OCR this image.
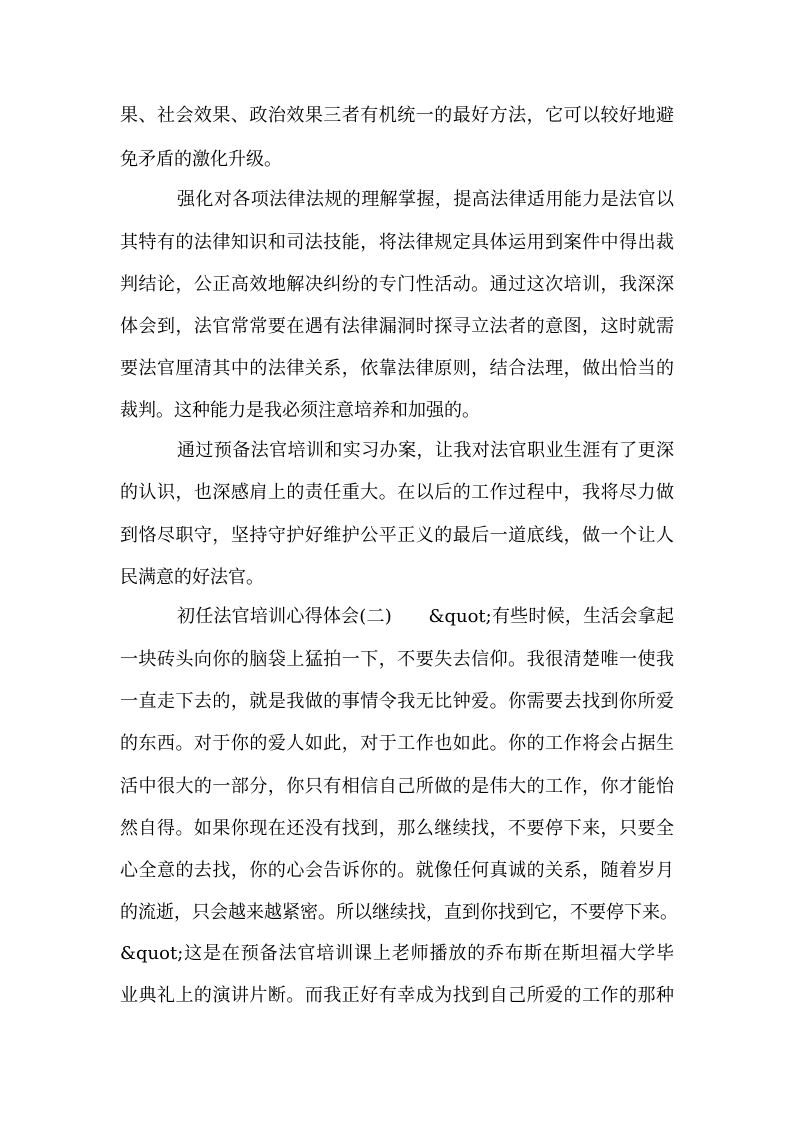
果、社会效果、政治效果三者有机统一的最好方法，它可以较好地避
免矛盾的激化升级。
强化对各项法律法规的理解掌握，提高法律适用能力是法官以
其特有的法律知识和司法技能，将法律规定具体运用到案件中得出裁
判结论，公正高效地解决纠纷的专门性活动。通过这次培训，我深深
体会到，法官常常要在遇有法律漏洞时探寻立法者的意图，这时就需
要法官厘清其中的法律关系，依靠法律原则，结合法理，做出恰当的
裁判。这种能力是我必须注意培养和加强的。
通过预备法官培训和实习办案，让我对法官职业生涯有了更深
的认识，也深感肩上的责任重大。在以后的工作过程中，我将尽力做
到恪尽职守，坚持守护好维护公平正义的最后一道底线，做一个让人
民满意的好法官。
初任法官培训心得体会(二)　　&quot;有些时候，生活会拿起
一块砖头向你的脑袋上猛拍一下，不要失去信仰。我很清楚唯一使我
一直走下去的，就是我做的事情令我无比钟爱。你需要去找到你所爱
的东西。对于你的爱人如此，对于工作也如此。你的工作将会占据生
活中很大的一部分，你只有相信自己所做的是伟大的工作，你才能怡
然自得。如果你现在还没有找到，那么继续找，不要停下来，只要全
心全意的去找，你的心会告诉你的。就像任何真诚的关系，随着岁月
的流逝，只会越来越紧密。所以继续找，直到你找到它，不要停下来。
&quot;这是在预备法官培训课上老师播放的乔布斯在斯坦福大学毕
业典礼上的演讲片断。而我正好有幸成为找到自己所爱的工作的那种
